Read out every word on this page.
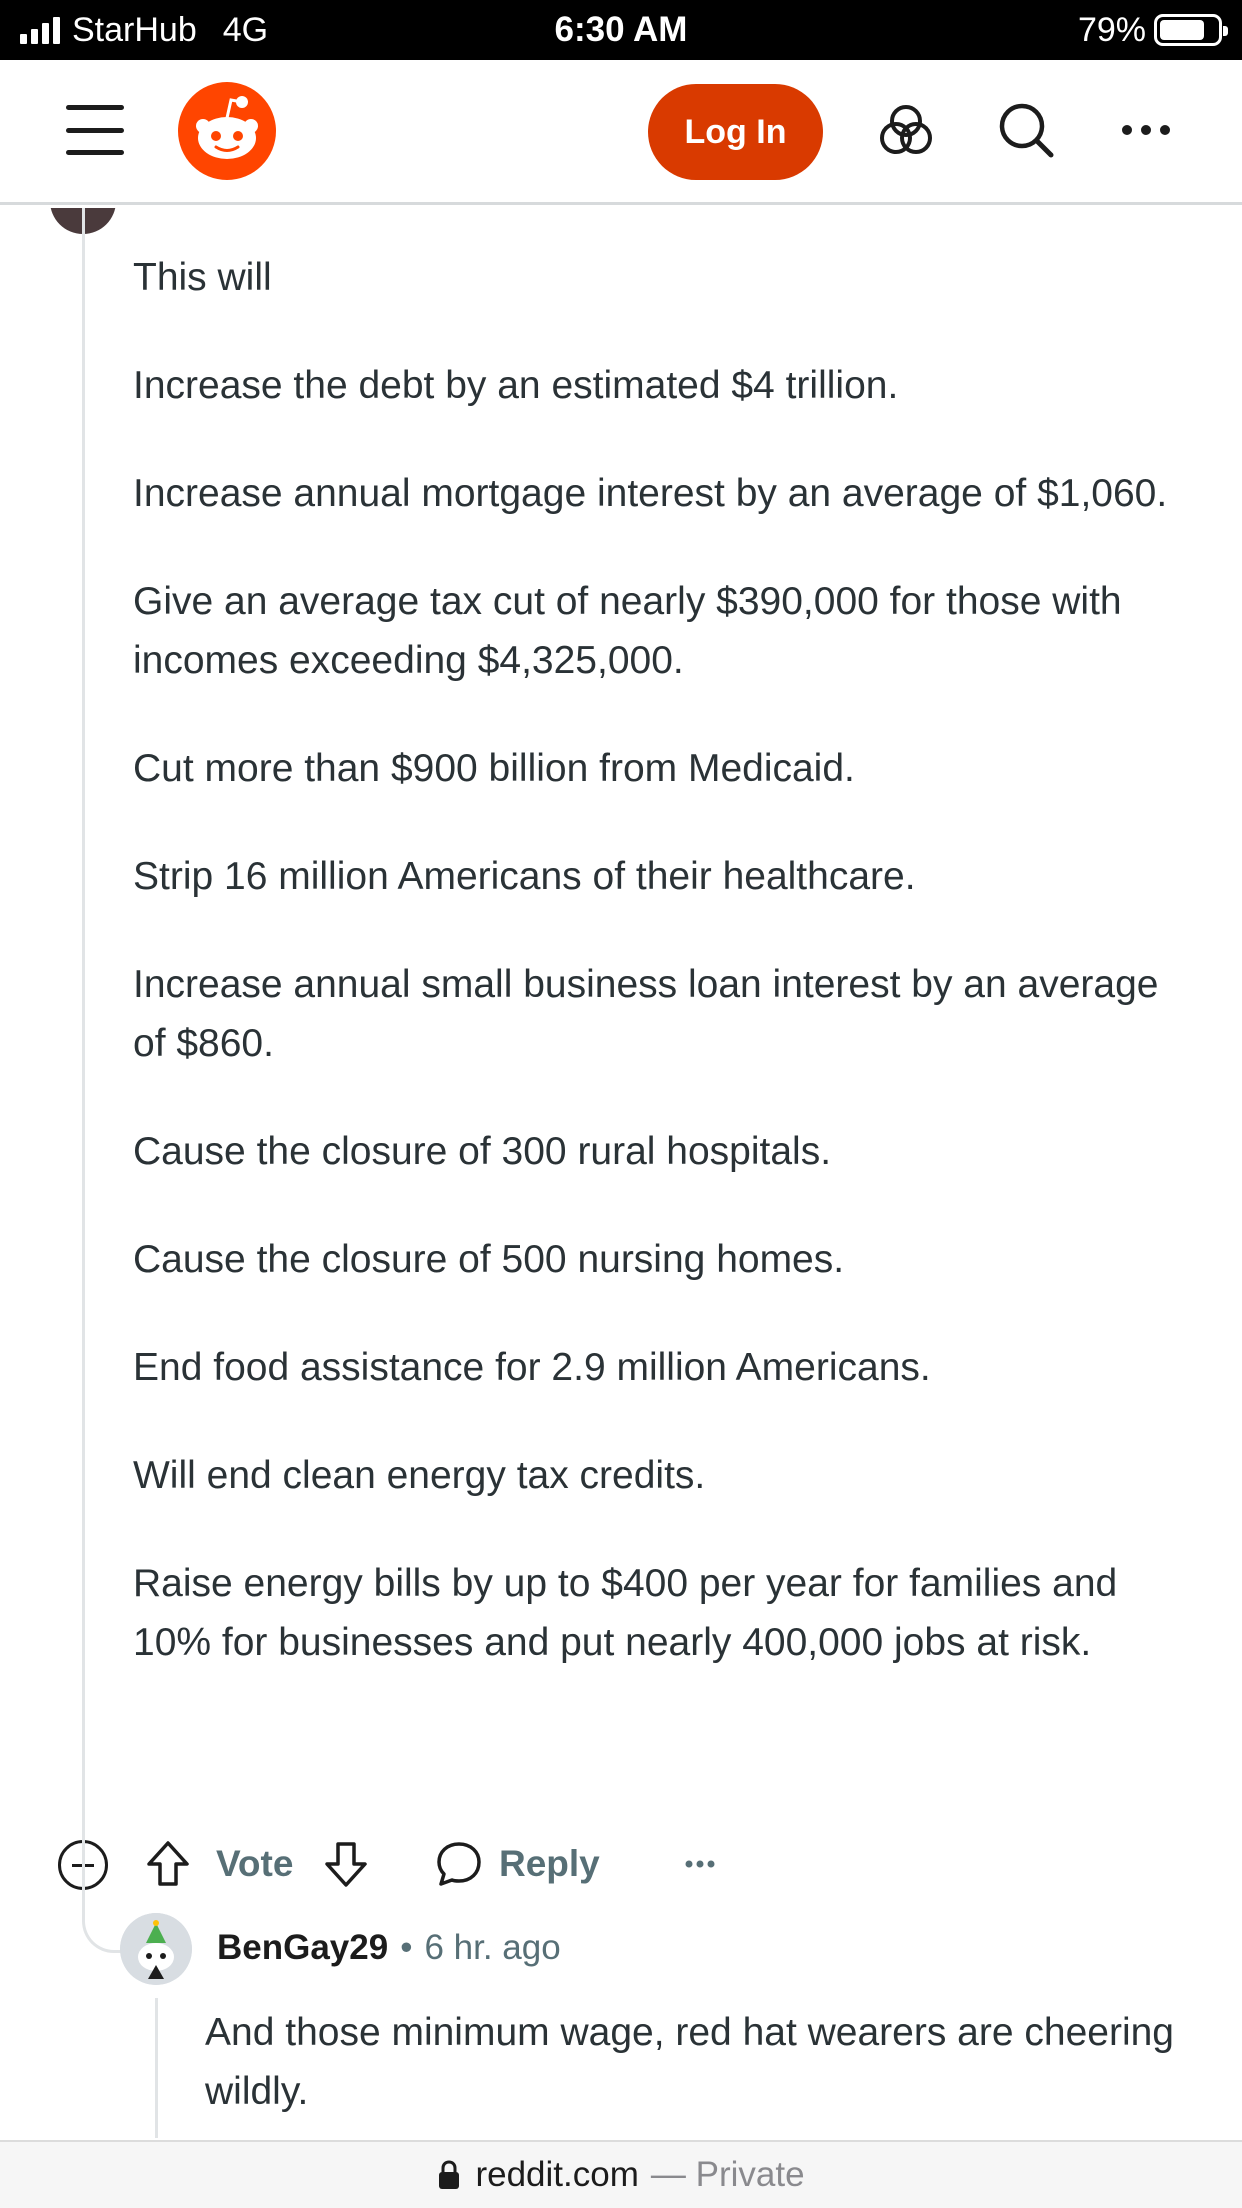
StarHub 4G	6:30 AM	79%
Log In

This will

Increase the debt by an estimated $4 trillion.

Increase annual mortgage interest by an average of $1,060.

Give an average tax cut of nearly $390,000 for those with incomes exceeding $4,325,000.

Cut more than $900 billion from Medicaid.

Strip 16 million Americans of their healthcare.

Increase annual small business loan interest by an average of $860.

Cause the closure of 300 rural hospitals.

Cause the closure of 500 nursing homes.

End food assistance for 2.9 million Americans.

Will end clean energy tax credits.

Raise energy bills by up to $400 per year for families and 10% for businesses and put nearly 400,000 jobs at risk.

Vote	Reply
BenGay29 • 6 hr. ago
And those minimum wage, red hat wearers are cheering wildly.
reddit.com — Private
